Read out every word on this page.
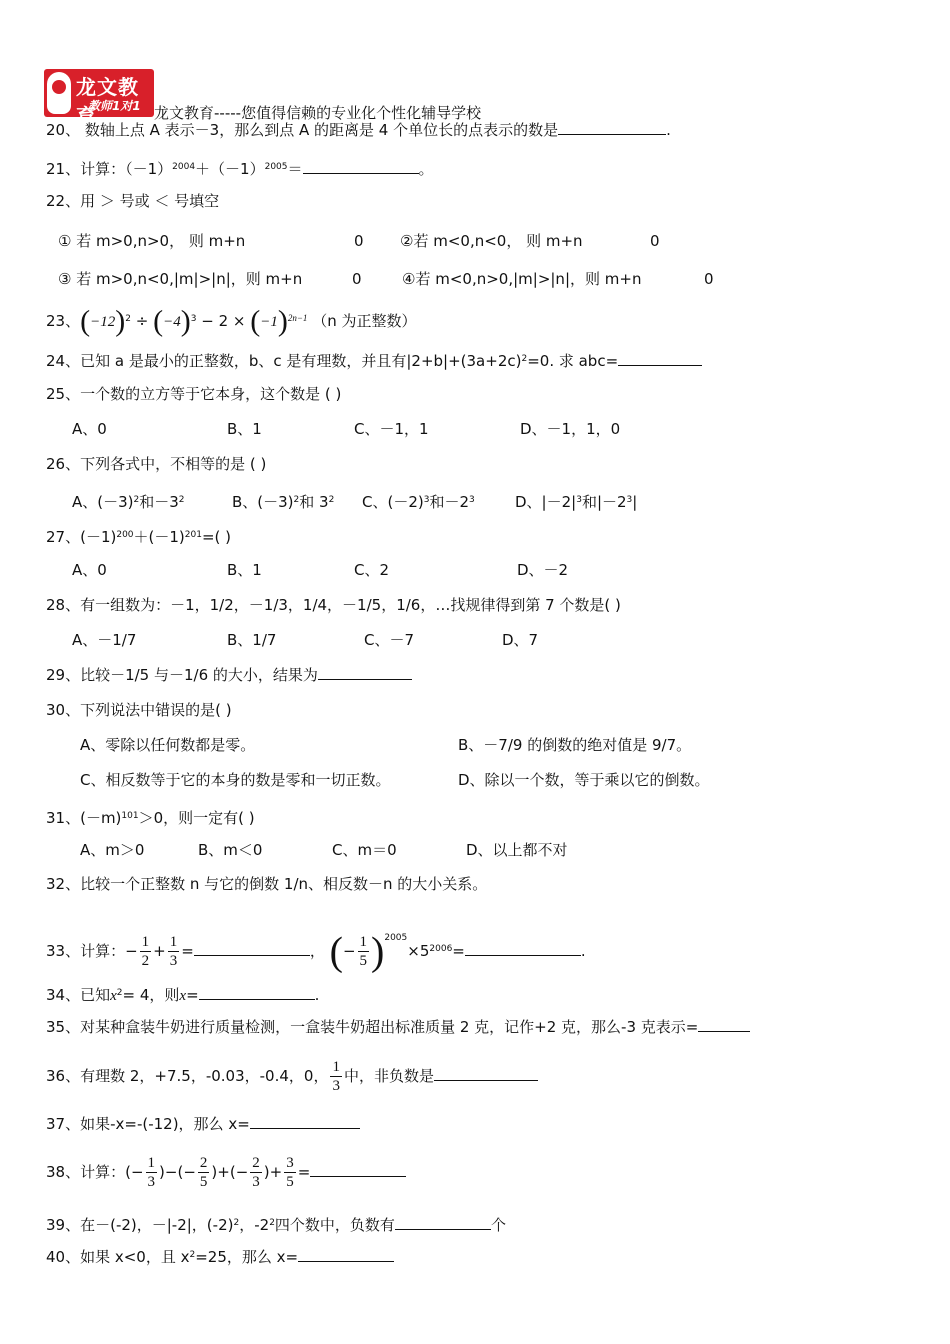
龙文教育
教师1对1 龙文教育-----您值得信赖的专业化个性化辅导学校
20、 数轴上点 A 表示－3，那么到点 A 的距离是 4 个单位长的点表示的数是	.
21、计算：$(-1)^{2004}+(-1)^{2005}=$	。
22、用 ＞ 号或 ＜ 号填空
① 若 m>0,n>0， 则 m+n	0 ②若 m<0,n<0， 则 m+n	0
③ 若 m>0,n<0,|m|>|n|，则 m+n	0	④若 m<0,n>0,|m|>|n|，则 m+n	0
23、$(-12)^2 \div (-4)^3 - 2 \times (-1)^{2n-1}$ （n 为正整数）
24、已知 a 是最小的正整数，b、c 是有理数，并且有$|2+b|+(3a+2c)^2=0$. 求 abc=
25、一个数的立方等于它本身，这个数是 ( )
A、0	B、1	C、－1，1	D、－1，1，0
26、下列各式中，不相等的是 ( )
A、$(-3)^2$和$-3^2$	B、$(-3)^2$和 $3^2$ C、$(-2)^3$和$-2^3$	D、$|-2|^3$和$|-2^3|$
27、$(-1)^{200}+(-1)^{201}=$( )
A、0	B、1	C、2	D、－2
28、有一组数为：－1，1/2，－1/3，1/4，－1/5，1/6，…找规律得到第 7 个数是( )
A、－1/7	B、1/7	C、－7	D、7
29、比较－1/5 与－1/6 的大小，结果为
30、下列说法中错误的是( )
A、零除以任何数都是零。	B、－7/9 的倒数的绝对值是 9/7。
C、相反数等于它的本身的数是零和一切正数。	D、除以一个数，等于乘以它的倒数。
31、$(-m)^{101}>0$，则一定有( )
A、m＞0	B、m＜0	C、m＝0	D、以上都不对
32、比较一个正整数 n 与它的倒数 1/n、相反数－n 的大小关系。
33、计算：− $\frac{1}{2} + \frac{1}{3}$ =	， (− $\frac{1}{5} )^{2005}\times 5^{2006}=$	.
34、已知$x^2= 4$，则x=	.
35、对某种盒装牛奶进行质量检测，一盒装牛奶超出标准质量 2 克，记作+2 克，那么-3 克表示=
36、有理数 2，+7.5，-0.03，-0.4，0， $\frac{1}{3}$ 中，非负数是
37、如果-x=-(-12)，那么 x=
38、计算：(− $\frac{1}{3}$ )−(− $\frac{2}{5}$ )+(− $\frac{2}{3}$ )+ $\frac{3}{5}$ =
39、在－(-2)，－|-2|，$(-2)^2$，$-2^2$四个数中，负数有	个
40、如果 x<0，且 $x^2=25$，那么 x=
